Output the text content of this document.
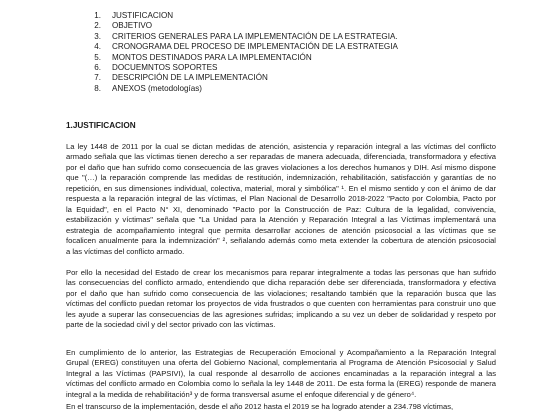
1. JUSTIFICACION
2. OBJETIVO
3. CRITERIOS GENERALES PARA LA IMPLEMENTACIÓN DE LA ESTRATEGIA.
4. CRONOGRAMA DEL PROCESO DE IMPLEMENTACIÓN DE LA ESTRATEGIA
5. MONTOS DESTINADOS PARA LA IMPLEMENTACIÓN
6. DOCUEMNTOS SOPORTES
7. DESCRIPCIÓN DE LA IMPLEMENTACIÓN
8. ANEXOS (metodologías)
1.JUSTIFICACION

La ley 1448 de 2011 por la cual se dictan medidas de atención, asistencia y reparación integral a las víctimas del conflicto
armado señala que las víctimas tienen derecho a ser reparadas de manera adecuada, diferenciada, transformadora y efectiva
por el daño que han sufrido como consecuencia de las graves violaciones a los derechos humanos y DIH. Así mismo dispone
que "(…) la reparación comprende las medidas de restitución, indemnización, rehabilitación, satisfacción y garantías de no
repetición, en sus dimensiones individual, colectiva, material, moral y simbólica" ¹. En el mismo sentido y con el ánimo de dar
respuesta a la reparación integral de las víctimas, el Plan Nacional de Desarrollo 2018-2022 "Pacto por Colombia, Pacto por
la Equidad", en el Pacto N° XI, denominado "Pacto por la Construcción de Paz: Cultura de la legalidad, convivencia,
estabilización y víctimas" señala que "La Unidad para la Atención y Reparación Integral a las Víctimas implementará una
estrategia de acompañamiento integral que permita desarrollar acciones de atención psicosocial a las víctimas que se
focalicen anualmente para la indemnización" ², señalando además como meta extender la cobertura de atención psicosocial
a las víctimas del conflicto armado.

Por ello la necesidad del Estado de crear los mecanismos para reparar integralmente a todas las personas que han sufrido
las consecuencias del conflicto armado, entendiendo que dicha reparación debe ser diferenciada, transformadora y efectiva
por el daño que han sufrido como consecuencia de las violaciones; resaltando también que la reparación busca que las
víctimas del conflicto puedan retomar los proyectos de vida frustrados o que cuenten con herramientas para construir uno que
les ayude a superar las consecuencias de las agresiones sufridas; implicando a su vez un deber de solidaridad y respeto por
parte de la sociedad civil y del sector privado con las víctimas.

En cumplimiento de lo anterior, las Estrategias de Recuperación Emocional y Acompañamiento a la Reparación Integral
Grupal (EREG) constituyen una oferta del Gobierno Nacional, complementaria al Programa de Atención Psicosocial y Salud
Integral a las Víctimas (PAPSIVI), la cual responde al desarrollo de acciones encaminadas a la reparación integral a las
víctimas del conflicto armado en Colombia como lo señala la ley 1448 de 2011. De esta forma la (EREG) responde de manera
integral a la medida de rehabilitación³ y de forma transversal asume el enfoque diferencial y de género⁴.

En el transcurso de la implementación, desde el año 2012 hasta el 2019 se ha logrado atender a 234.798 víctimas,
